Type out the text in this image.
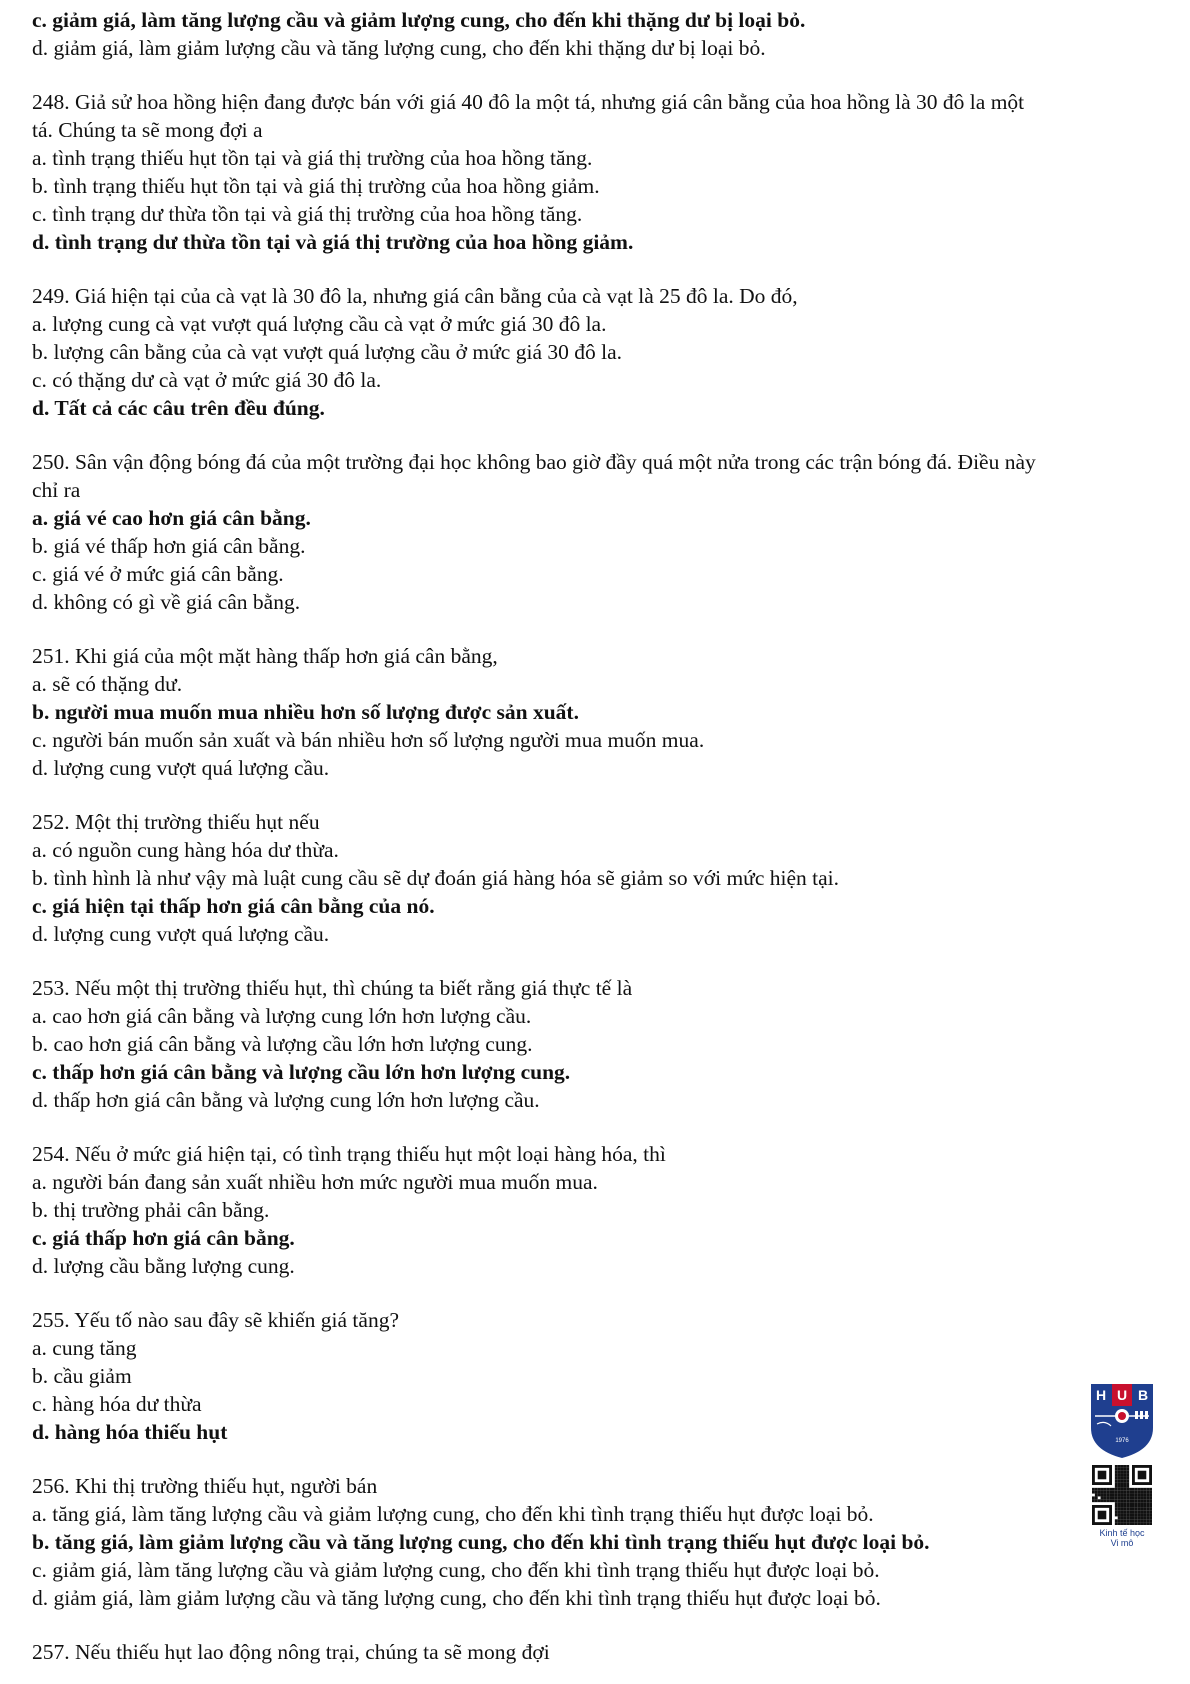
c. giảm giá, làm tăng lượng cầu và giảm lượng cung, cho đến khi thặng dư bị loại bỏ.
d. giảm giá, làm giảm lượng cầu và tăng lượng cung, cho đến khi thặng dư bị loại bỏ.
248. Giả sử hoa hồng hiện đang được bán với giá 40 đô la một tá, nhưng giá cân bằng của hoa hồng là 30 đô la một
tá. Chúng ta sẽ mong đợi a
a. tình trạng thiếu hụt tồn tại và giá thị trường của hoa hồng tăng.
b. tình trạng thiếu hụt tồn tại và giá thị trường của hoa hồng giảm.
c. tình trạng dư thừa tồn tại và giá thị trường của hoa hồng tăng.
d. tình trạng dư thừa tồn tại và giá thị trường của hoa hồng giảm.
249. Giá hiện tại của cà vạt là 30 đô la, nhưng giá cân bằng của cà vạt là 25 đô la. Do đó,
a. lượng cung cà vạt vượt quá lượng cầu cà vạt ở mức giá 30 đô la.
b. lượng cân bằng của cà vạt vượt quá lượng cầu ở mức giá 30 đô la.
c. có thặng dư cà vạt ở mức giá 30 đô la.
d. Tất cả các câu trên đều đúng.
250. Sân vận động bóng đá của một trường đại học không bao giờ đầy quá một nửa trong các trận bóng đá. Điều này
chỉ ra
a. giá vé cao hơn giá cân bằng.
b. giá vé thấp hơn giá cân bằng.
c. giá vé ở mức giá cân bằng.
d. không có gì về giá cân bằng.
251. Khi giá của một mặt hàng thấp hơn giá cân bằng,
a. sẽ có thặng dư.
b. người mua muốn mua nhiều hơn số lượng được sản xuất.
c. người bán muốn sản xuất và bán nhiều hơn số lượng người mua muốn mua.
d. lượng cung vượt quá lượng cầu.
252. Một thị trường thiếu hụt nếu
a. có nguồn cung hàng hóa dư thừa.
b. tình hình là như vậy mà luật cung cầu sẽ dự đoán giá hàng hóa sẽ giảm so với mức hiện tại.
c. giá hiện tại thấp hơn giá cân bằng của nó.
d. lượng cung vượt quá lượng cầu.
253. Nếu một thị trường thiếu hụt, thì chúng ta biết rằng giá thực tế là
a. cao hơn giá cân bằng và lượng cung lớn hơn lượng cầu.
b. cao hơn giá cân bằng và lượng cầu lớn hơn lượng cung.
c. thấp hơn giá cân bằng và lượng cầu lớn hơn lượng cung.
d. thấp hơn giá cân bằng và lượng cung lớn hơn lượng cầu.
254. Nếu ở mức giá hiện tại, có tình trạng thiếu hụt một loại hàng hóa, thì
a. người bán đang sản xuất nhiều hơn mức người mua muốn mua.
b. thị trường phải cân bằng.
c. giá thấp hơn giá cân bằng.
d. lượng cầu bằng lượng cung.
255. Yếu tố nào sau đây sẽ khiến giá tăng?
a. cung tăng
b. cầu giảm
c. hàng hóa dư thừa
d. hàng hóa thiếu hụt
256. Khi thị trường thiếu hụt, người bán
a. tăng giá, làm tăng lượng cầu và giảm lượng cung, cho đến khi tình trạng thiếu hụt được loại bỏ.
b. tăng giá, làm giảm lượng cầu và tăng lượng cung, cho đến khi tình trạng thiếu hụt được loại bỏ.
c. giảm giá, làm tăng lượng cầu và giảm lượng cung, cho đến khi tình trạng thiếu hụt được loại bỏ.
d. giảm giá, làm giảm lượng cầu và tăng lượng cung, cho đến khi tình trạng thiếu hụt được loại bỏ.
257. Nếu thiếu hụt lao động nông trại, chúng ta sẽ mong đợi
H U B
1976
Kinh tế học
Vi mô
